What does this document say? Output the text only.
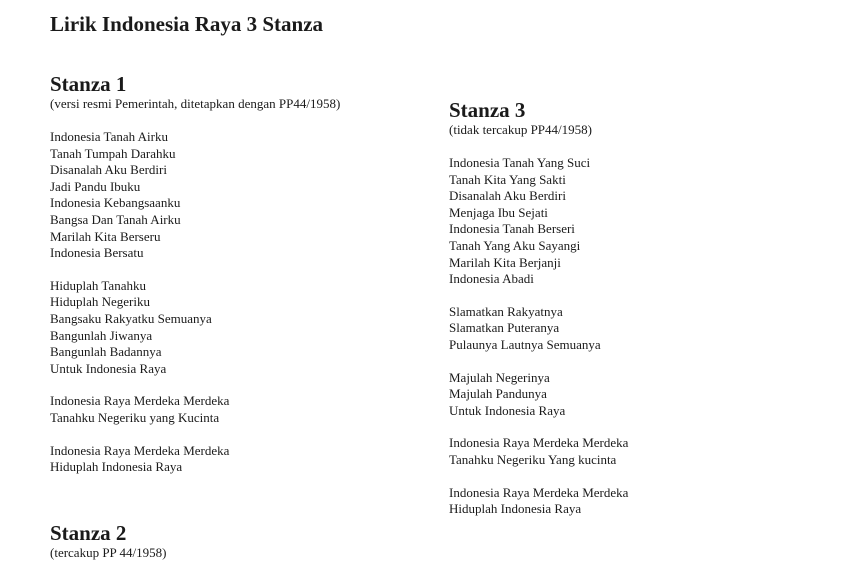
Lirik Indonesia Raya 3 Stanza
Stanza 1

(versi resmi Pemerintah, ditetapkan dengan PP44/1958)

Indonesia Tanah Airku
Tanah Tumpah Darahku
Disanalah Aku Berdiri
Jadi Pandu Ibuku
Indonesia Kebangsaanku
Bangsa Dan Tanah Airku
Marilah Kita Berseru
Indonesia Bersatu
Hiduplah Tanahku
Hiduplah Negeriku
Bangsaku Rakyatku Semuanya
Bangunlah Jiwanya
Bangunlah Badannya
Untuk Indonesia Raya
Indonesia Raya Merdeka Merdeka
Tanahku Negeriku yang Kucinta
Indonesia Raya Merdeka Merdeka
Hiduplah Indonesia Raya
Stanza 2

(tercakup PP 44/1958)

Stanza 3

(tidak tercakup PP44/1958)

Indonesia Tanah Yang Suci
Tanah Kita Yang Sakti
Disanalah Aku Berdiri
Menjaga Ibu Sejati
Indonesia Tanah Berseri
Tanah Yang Aku Sayangi
Marilah Kita Berjanji
Indonesia Abadi
Slamatkan Rakyatnya
Slamatkan Puteranya
Pulaunya Lautnya Semuanya
Majulah Negerinya
Majulah Pandunya
Untuk Indonesia Raya
Indonesia Raya Merdeka Merdeka
Tanahku Negeriku Yang kucinta
Indonesia Raya Merdeka Merdeka
Hiduplah Indonesia Raya
